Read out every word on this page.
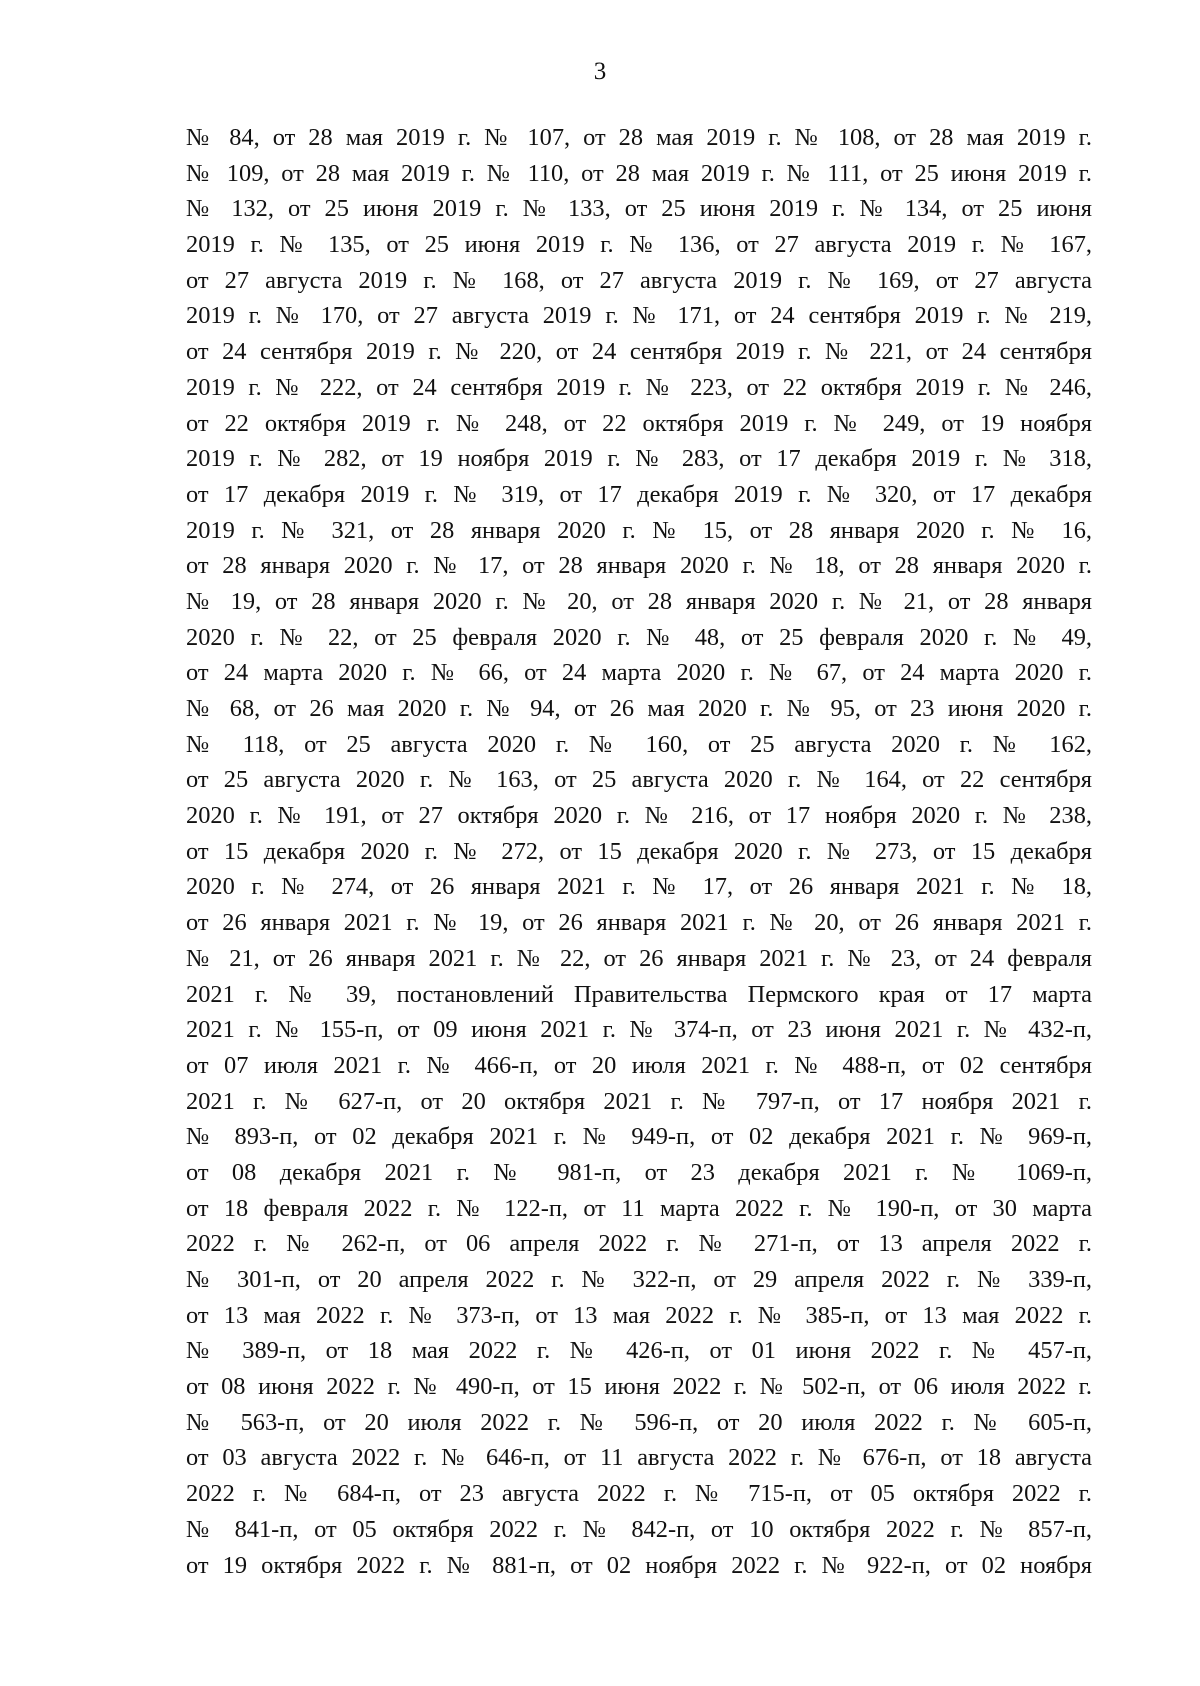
3
№ 84, от 28 мая 2019 г. № 107, от 28 мая 2019 г. № 108, от 28 мая 2019 г.
№ 109, от 28 мая 2019 г. № 110, от 28 мая 2019 г. № 111, от 25 июня 2019 г.
№ 132, от 25 июня 2019 г. № 133, от 25 июня 2019 г. № 134, от 25 июня
2019 г. № 135, от 25 июня 2019 г. № 136, от 27 августа 2019 г. № 167,
от 27 августа 2019 г. № 168, от 27 августа 2019 г. № 169, от 27 августа
2019 г. № 170, от 27 августа 2019 г. № 171, от 24 сентября 2019 г. № 219,
от 24 сентября 2019 г. № 220, от 24 сентября 2019 г. № 221, от 24 сентября
2019 г. № 222, от 24 сентября 2019 г. № 223, от 22 октября 2019 г. № 246,
от 22 октября 2019 г. № 248, от 22 октября 2019 г. № 249, от 19 ноября
2019 г. № 282, от 19 ноября 2019 г. № 283, от 17 декабря 2019 г. № 318,
от 17 декабря 2019 г. № 319, от 17 декабря 2019 г. № 320, от 17 декабря
2019 г. № 321, от 28 января 2020 г. № 15, от 28 января 2020 г. № 16,
от 28 января 2020 г. № 17, от 28 января 2020 г. № 18, от 28 января 2020 г.
№ 19, от 28 января 2020 г. № 20, от 28 января 2020 г. № 21, от 28 января
2020 г. № 22, от 25 февраля 2020 г. № 48, от 25 февраля 2020 г. № 49,
от 24 марта 2020 г. № 66, от 24 марта 2020 г. № 67, от 24 марта 2020 г.
№ 68, от 26 мая 2020 г. № 94, от 26 мая 2020 г. № 95, от 23 июня 2020 г.
№ 118, от 25 августа 2020 г. № 160, от 25 августа 2020 г. № 162,
от 25 августа 2020 г. № 163, от 25 августа 2020 г. № 164, от 22 сентября
2020 г. № 191, от 27 октября 2020 г. № 216, от 17 ноября 2020 г. № 238,
от 15 декабря 2020 г. № 272, от 15 декабря 2020 г. № 273, от 15 декабря
2020 г. № 274, от 26 января 2021 г. № 17, от 26 января 2021 г. № 18,
от 26 января 2021 г. № 19, от 26 января 2021 г. № 20, от 26 января 2021 г.
№ 21, от 26 января 2021 г. № 22, от 26 января 2021 г. № 23, от 24 февраля
2021 г. № 39, постановлений Правительства Пермского края от 17 марта
2021 г. № 155-п, от 09 июня 2021 г. № 374-п, от 23 июня 2021 г. № 432-п,
от 07 июля 2021 г. № 466-п, от 20 июля 2021 г. № 488-п, от 02 сентября
2021 г. № 627-п, от 20 октября 2021 г. № 797-п, от 17 ноября 2021 г.
№ 893-п, от 02 декабря 2021 г. № 949-п, от 02 декабря 2021 г. № 969-п,
от 08 декабря 2021 г. № 981-п, от 23 декабря 2021 г. № 1069-п,
от 18 февраля 2022 г. № 122-п, от 11 марта 2022 г. № 190-п, от 30 марта
2022 г. № 262-п, от 06 апреля 2022 г. № 271-п, от 13 апреля 2022 г.
№ 301-п, от 20 апреля 2022 г. № 322-п, от 29 апреля 2022 г. № 339-п,
от 13 мая 2022 г. № 373-п, от 13 мая 2022 г. № 385-п, от 13 мая 2022 г.
№ 389-п, от 18 мая 2022 г. № 426-п, от 01 июня 2022 г. № 457-п,
от 08 июня 2022 г. № 490-п, от 15 июня 2022 г. № 502-п, от 06 июля 2022 г.
№ 563-п, от 20 июля 2022 г. № 596-п, от 20 июля 2022 г. № 605-п,
от 03 августа 2022 г. № 646-п, от 11 августа 2022 г. № 676-п, от 18 августа
2022 г. № 684-п, от 23 августа 2022 г. № 715-п, от 05 октября 2022 г.
№ 841-п, от 05 октября 2022 г. № 842-п, от 10 октября 2022 г. № 857-п,
от 19 октября 2022 г. № 881-п, от 02 ноября 2022 г. № 922-п, от 02 ноября
